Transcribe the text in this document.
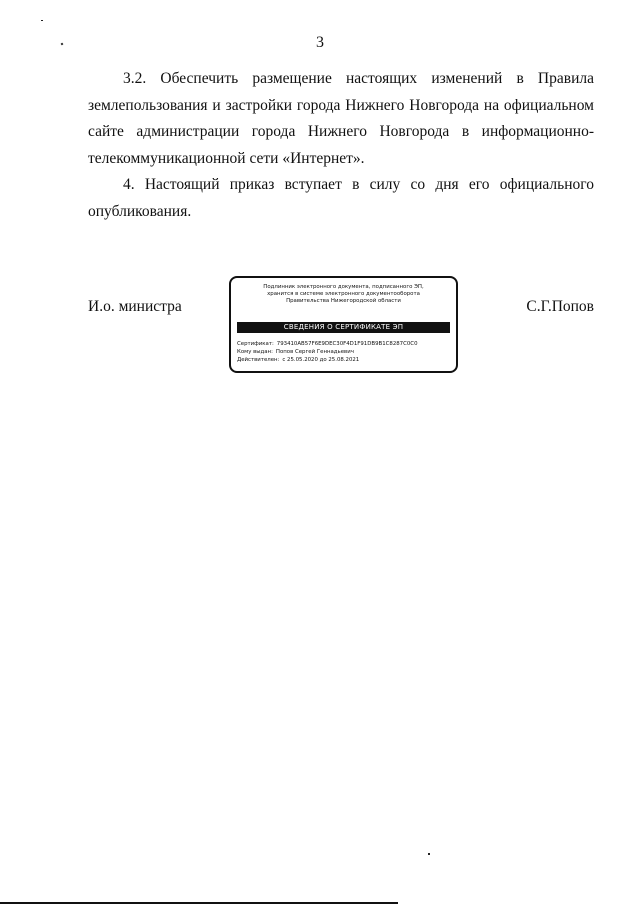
3

3.2. Обеспечить размещение настоящих изменений в Правила землепользования и застройки города Нижнего Новгорода на официальном сайте администрации города Нижнего Новгорода в информационно-телекоммуникационной сети «Интернет».

4. Настоящий приказ вступает в силу со дня его официального опубликования.

И.о. министра	С.Г.Попов
Подлинник электронного документа, подписанного ЭП,
хранится в системе электронного документооборота
Правительства Нижегородской области
СВЕДЕНИЯ О СЕРТИФИКАТЕ ЭП
Сертификат: 793410AB57F6E9DEC30F4D1F91DB9B1C8287C0C0
Кому выдан: Попов Сергей Геннадьевич
Действителен: с 25.05.2020 до 25.08.2021
